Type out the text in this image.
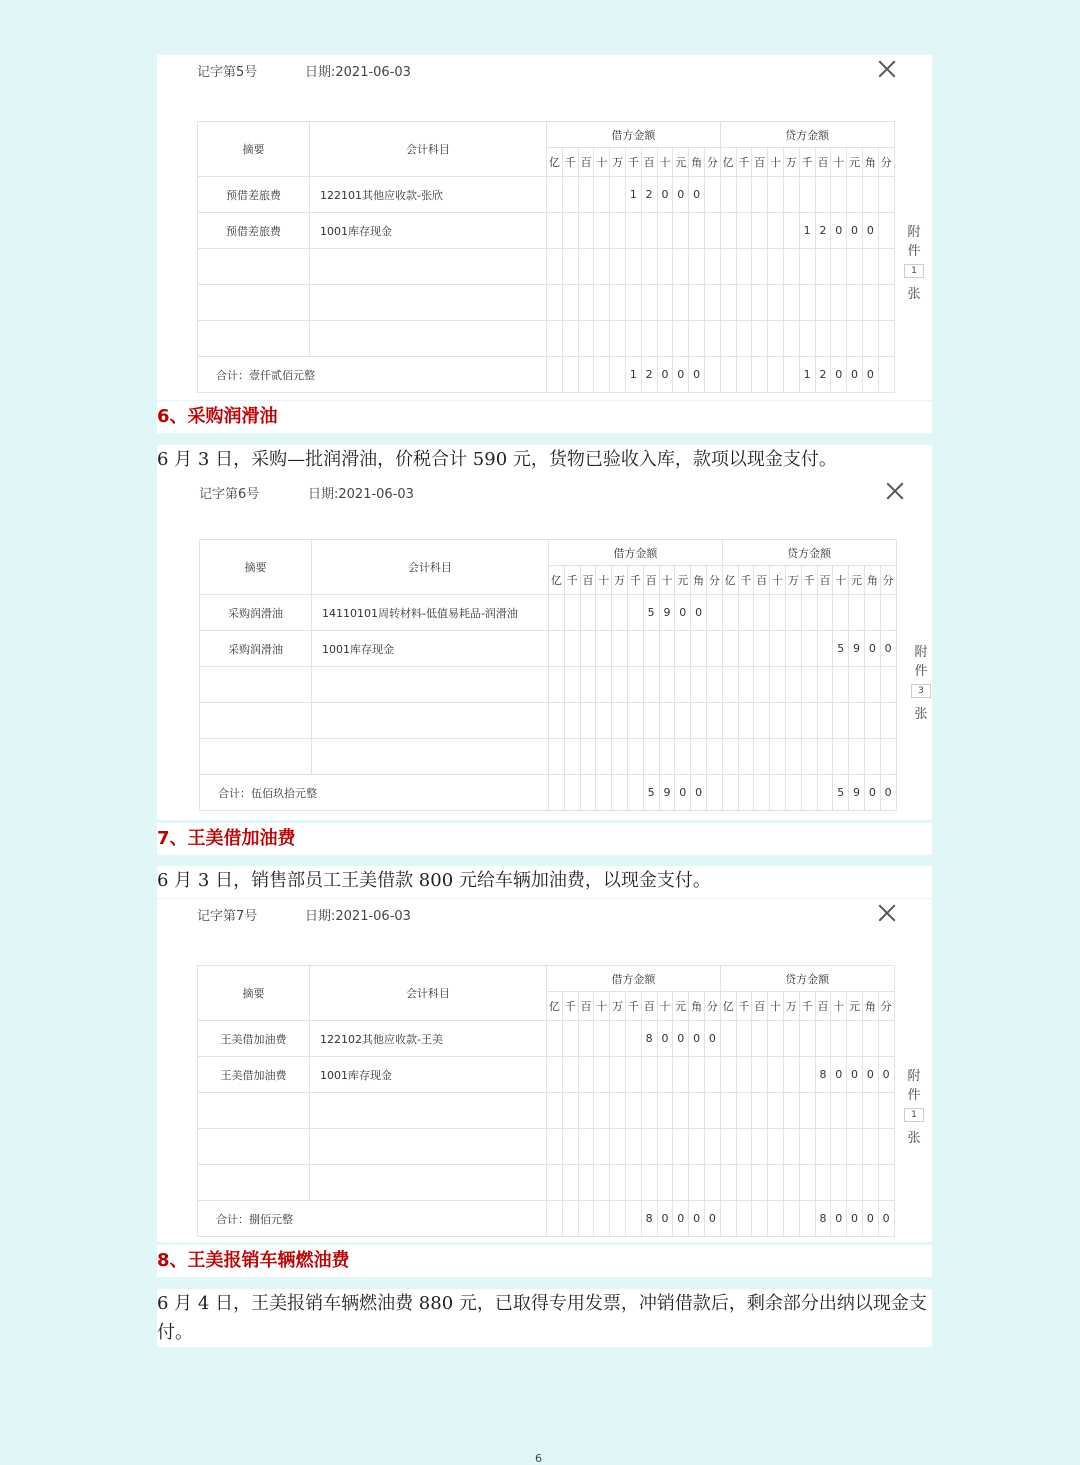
记字第5号	日期:2021-06-03
摘要	会计科目	借方金额											贷方金额										
		亿	千	百	十	万	千	百	十	元	角	分	亿	千	百	十	万	千	百	十	元	角	分
预借差旅费	122101其他应收款-张欣						1	2	0	0	0												
预借差旅费	1001库存现金																	1	2	0	0	0	

合计：壹仟贰佰元整							1	2	0	0	0							1	2	0	0	0	
附
件
1
张
6、采购润滑油
6 月 3 日，采购—批润滑油，价税合计 590 元，货物已验收入库，款项以现金支付。
记字第6号	日期:2021-06-03
摘要	会计科目	借方金额											贷方金额										
		亿	千	百	十	万	千	百	十	元	角	分	亿	千	百	十	万	千	百	十	元	角	分
采购润滑油	14110101周转材料-低值易耗品-润滑油							5	9	0	0												
采购润滑油	1001库存现金																			5	9	0	0

合计：伍佰玖拾元整								5	9	0	0									5	9	0	0
附
件
3
张
7、王美借加油费
6 月 3 日，销售部员工王美借款 800 元给车辆加油费，以现金支付。
记字第7号	日期:2021-06-03
摘要	会计科目	借方金额											贷方金额										
		亿	千	百	十	万	千	百	十	元	角	分	亿	千	百	十	万	千	百	十	元	角	分
王美借加油费	122102其他应收款-王美							8	0	0	0	0											
王美借加油费	1001库存现金																		8	0	0	0	0

合计：捌佰元整								8	0	0	0	0							8	0	0	0	0
附
件
1
张
8、王美报销车辆燃油费
6 月 4 日，王美报销车辆燃油费 880 元，已取得专用发票，冲销借款后，剩余部分出纳以现金支付。
6
